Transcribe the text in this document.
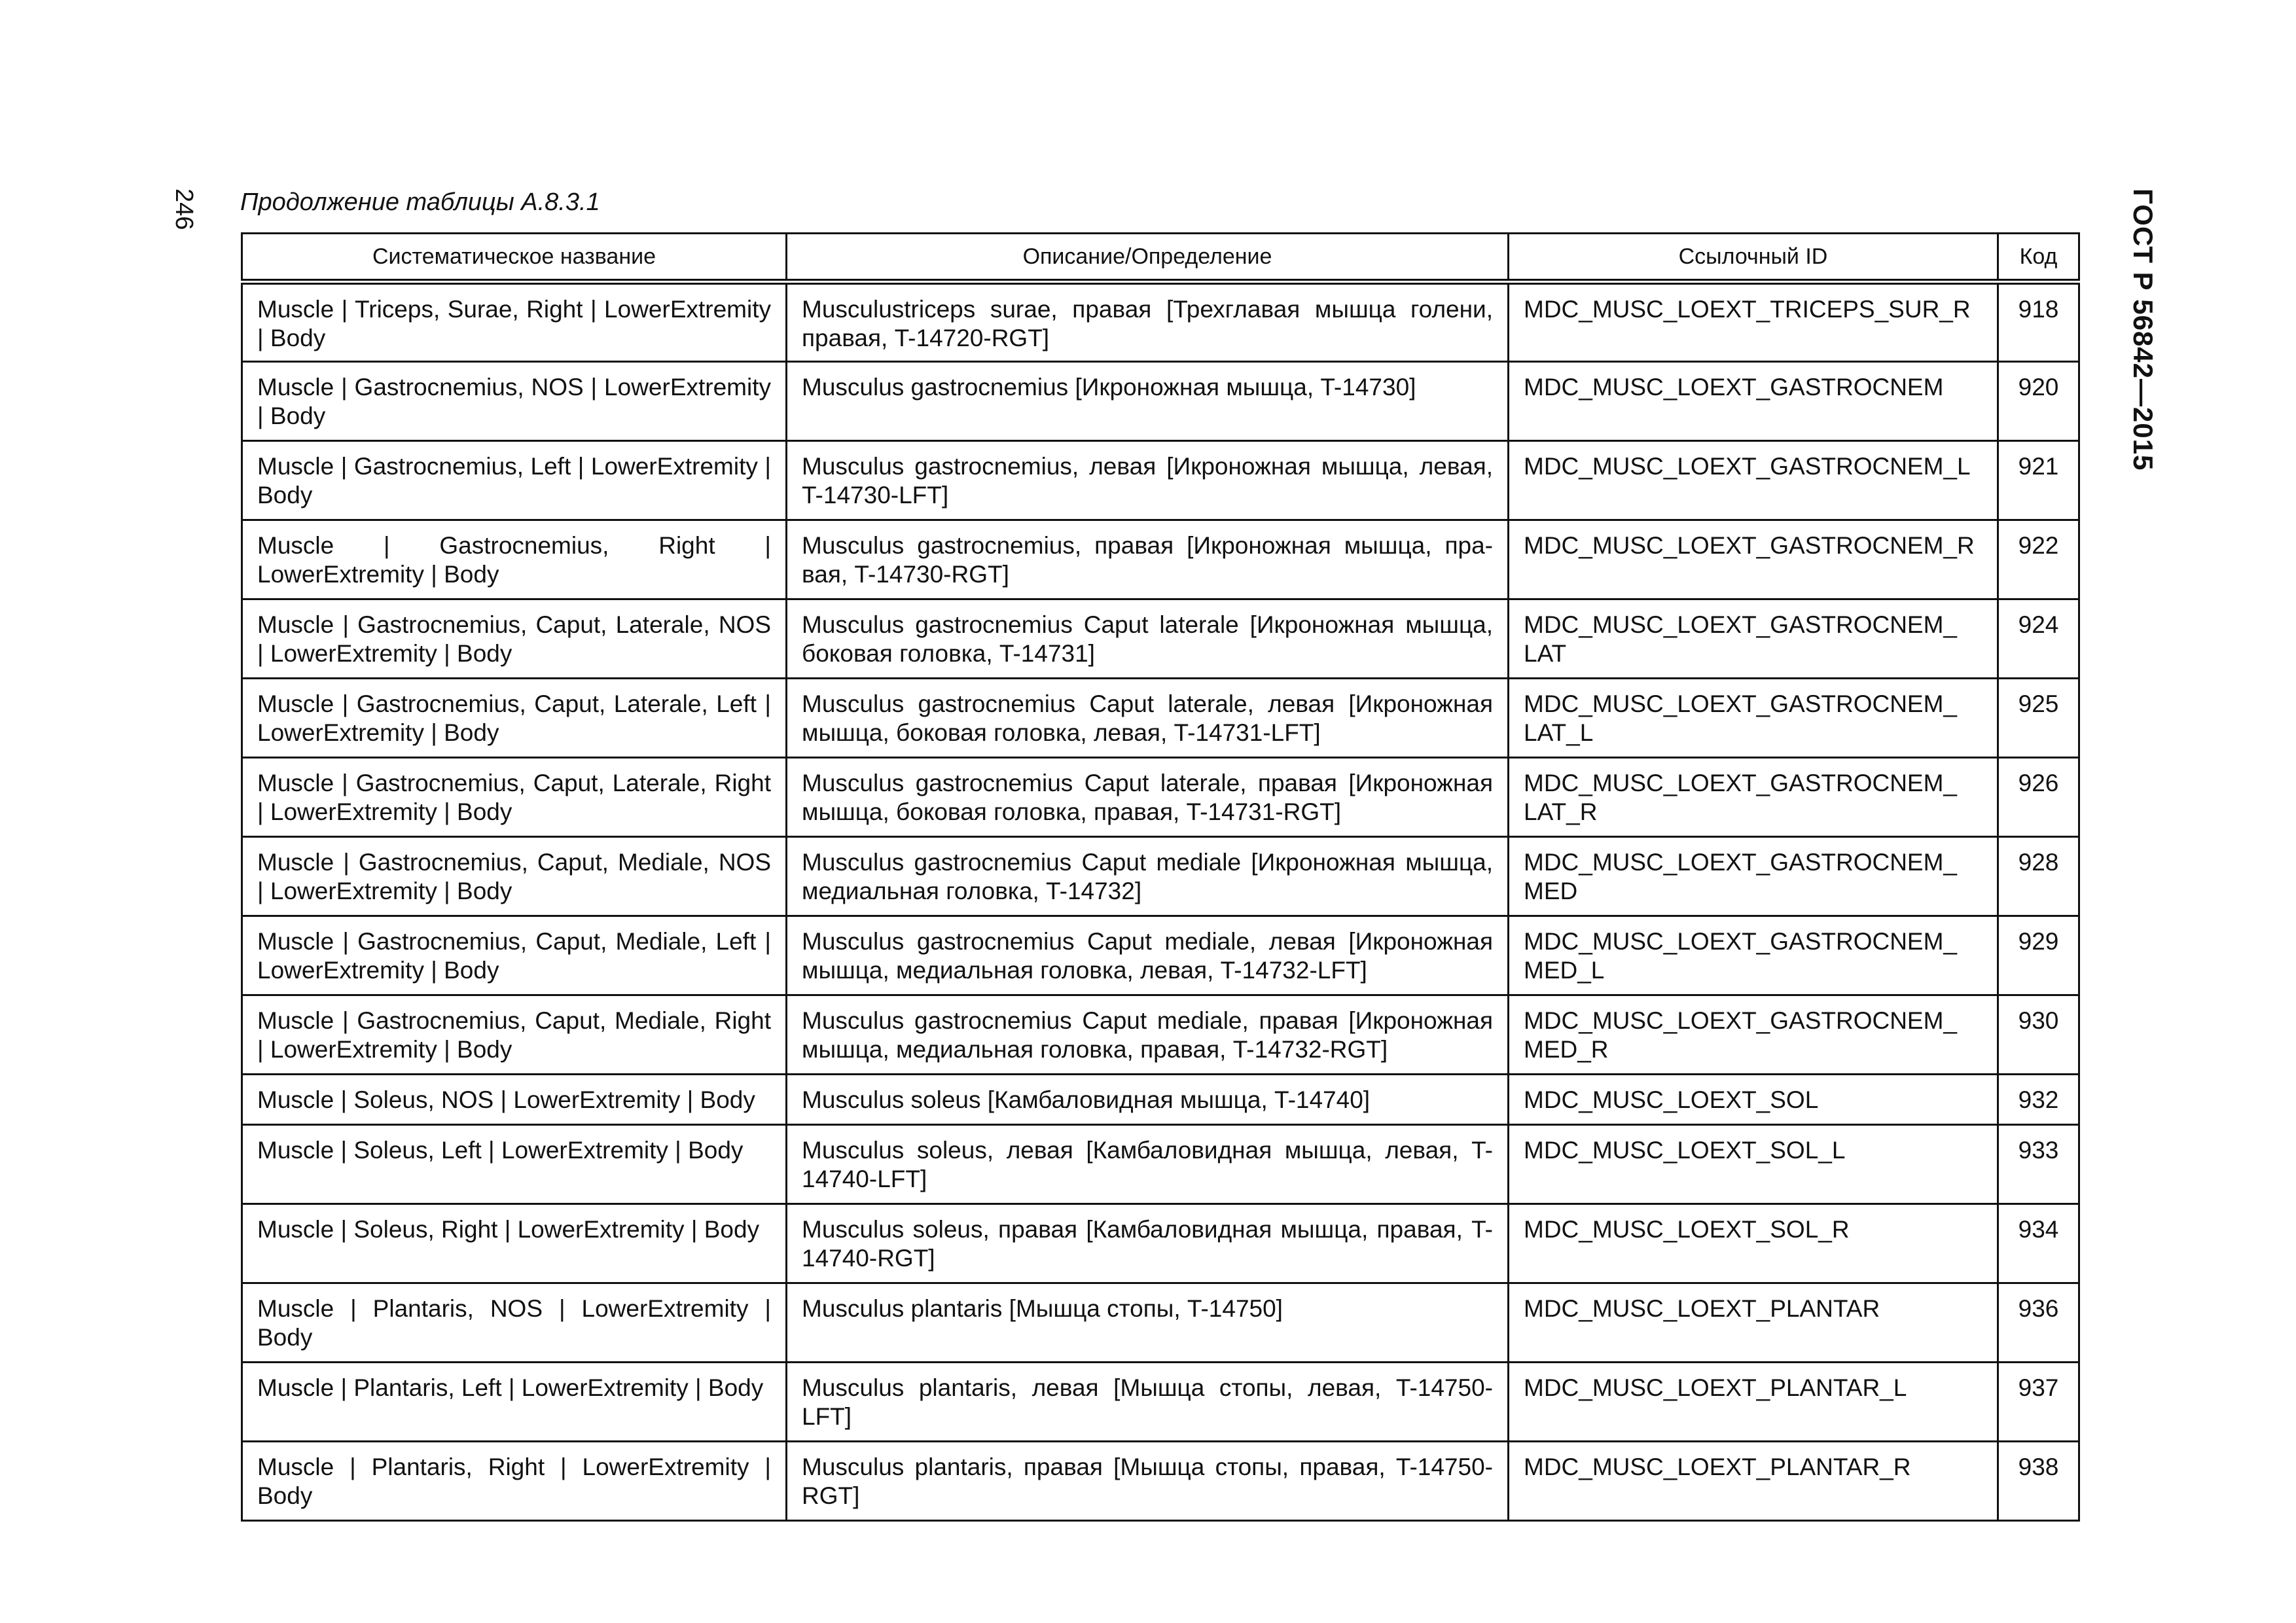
246	ГОСТ Р 56842—2015
Продолжение таблицы А.8.3.1
Систематическое название	Описание/Определение	Ссылочный ID	Код
Muscle | Triceps, Surae, Right | LowerExtremity | Body	Musculustriceps surae, правая [Трехглавая мышца голени, правая, T-14720-RGT]	MDC_MUSC_LOEXT_TRICEPS_SUR_R	918
Muscle | Gastrocnemius, NOS | LowerExtremity | Body	Musculus gastrocnemius [Икроножная мышца, T-14730]	MDC_MUSC_LOEXT_GASTROCNEM	920
Muscle | Gastrocnemius, Left | LowerExtremity | Body	Musculus gastrocnemius, левая [Икроножная мышца, левая, T-14730-LFT]	MDC_MUSC_LOEXT_GASTROCNEM_L	921
Muscle | Gastrocnemius, Right | LowerExtremity | Body	Musculus gastrocnemius, правая [Икроножная мышца, пра-вая, T-14730-RGT]	MDC_MUSC_LOEXT_GASTROCNEM_R	922
Muscle | Gastrocnemius, Caput, Laterale, NOS | LowerExtremity | Body	Musculus gastrocnemius Caput laterale [Икроножная мышца, боковая головка, T-14731]	MDC_MUSC_LOEXT_GASTROCNEM_ LAT	924
Muscle | Gastrocnemius, Caput, Laterale, Left | LowerExtremity | Body	Musculus gastrocnemius Caput laterale, левая [Икроножная мышца, боковая головка, левая, T-14731-LFT]	MDC_MUSC_LOEXT_GASTROCNEM_ LAT_L	925
Muscle | Gastrocnemius, Caput, Laterale, Right | LowerExtremity | Body	Musculus gastrocnemius Caput laterale, правая [Икроножная мышца, боковая головка, правая, T-14731-RGT]	MDC_MUSC_LOEXT_GASTROCNEM_ LAT_R	926
Muscle | Gastrocnemius, Caput, Mediale, NOS | LowerExtremity | Body	Musculus gastrocnemius Caput mediale [Икроножная мышца, медиальная головка, T-14732]	MDC_MUSC_LOEXT_GASTROCNEM_ MED	928
Muscle | Gastrocnemius, Caput, Mediale, Left | LowerExtremity | Body	Musculus gastrocnemius Caput mediale, левая [Икроножная мышца, медиальная головка, левая, T-14732-LFT]	MDC_MUSC_LOEXT_GASTROCNEM_ MED_L	929
Muscle | Gastrocnemius, Caput, Mediale, Right | LowerExtremity | Body	Musculus gastrocnemius Caput mediale, правая [Икроножная мышца, медиальная головка, правая, T-14732-RGT]	MDC_MUSC_LOEXT_GASTROCNEM_ MED_R	930
Muscle | Soleus, NOS | LowerExtremity | Body	Musculus soleus [Камбаловидная мышца, T-14740]	MDC_MUSC_LOEXT_SOL	932
Muscle | Soleus, Left | LowerExtremity | Body	Musculus soleus, левая [Камбаловидная мышца, левая, T-14740-LFT]	MDC_MUSC_LOEXT_SOL_L	933
Muscle | Soleus, Right | LowerExtremity | Body	Musculus soleus, правая [Камбаловидная мышца, правая, T-14740-RGT]	MDC_MUSC_LOEXT_SOL_R	934
Muscle | Plantaris, NOS | LowerExtremity | Body	Musculus plantaris [Мышца стопы, T-14750]	MDC_MUSC_LOEXT_PLANTAR	936
Muscle | Plantaris, Left | LowerExtremity | Body	Musculus plantaris, левая [Мышца стопы, левая, T-14750-LFT]	MDC_MUSC_LOEXT_PLANTAR_L	937
Muscle | Plantaris, Right | LowerExtremity | Body	Musculus plantaris, правая [Мышца стопы, правая, T-14750-RGT]	MDC_MUSC_LOEXT_PLANTAR_R	938
